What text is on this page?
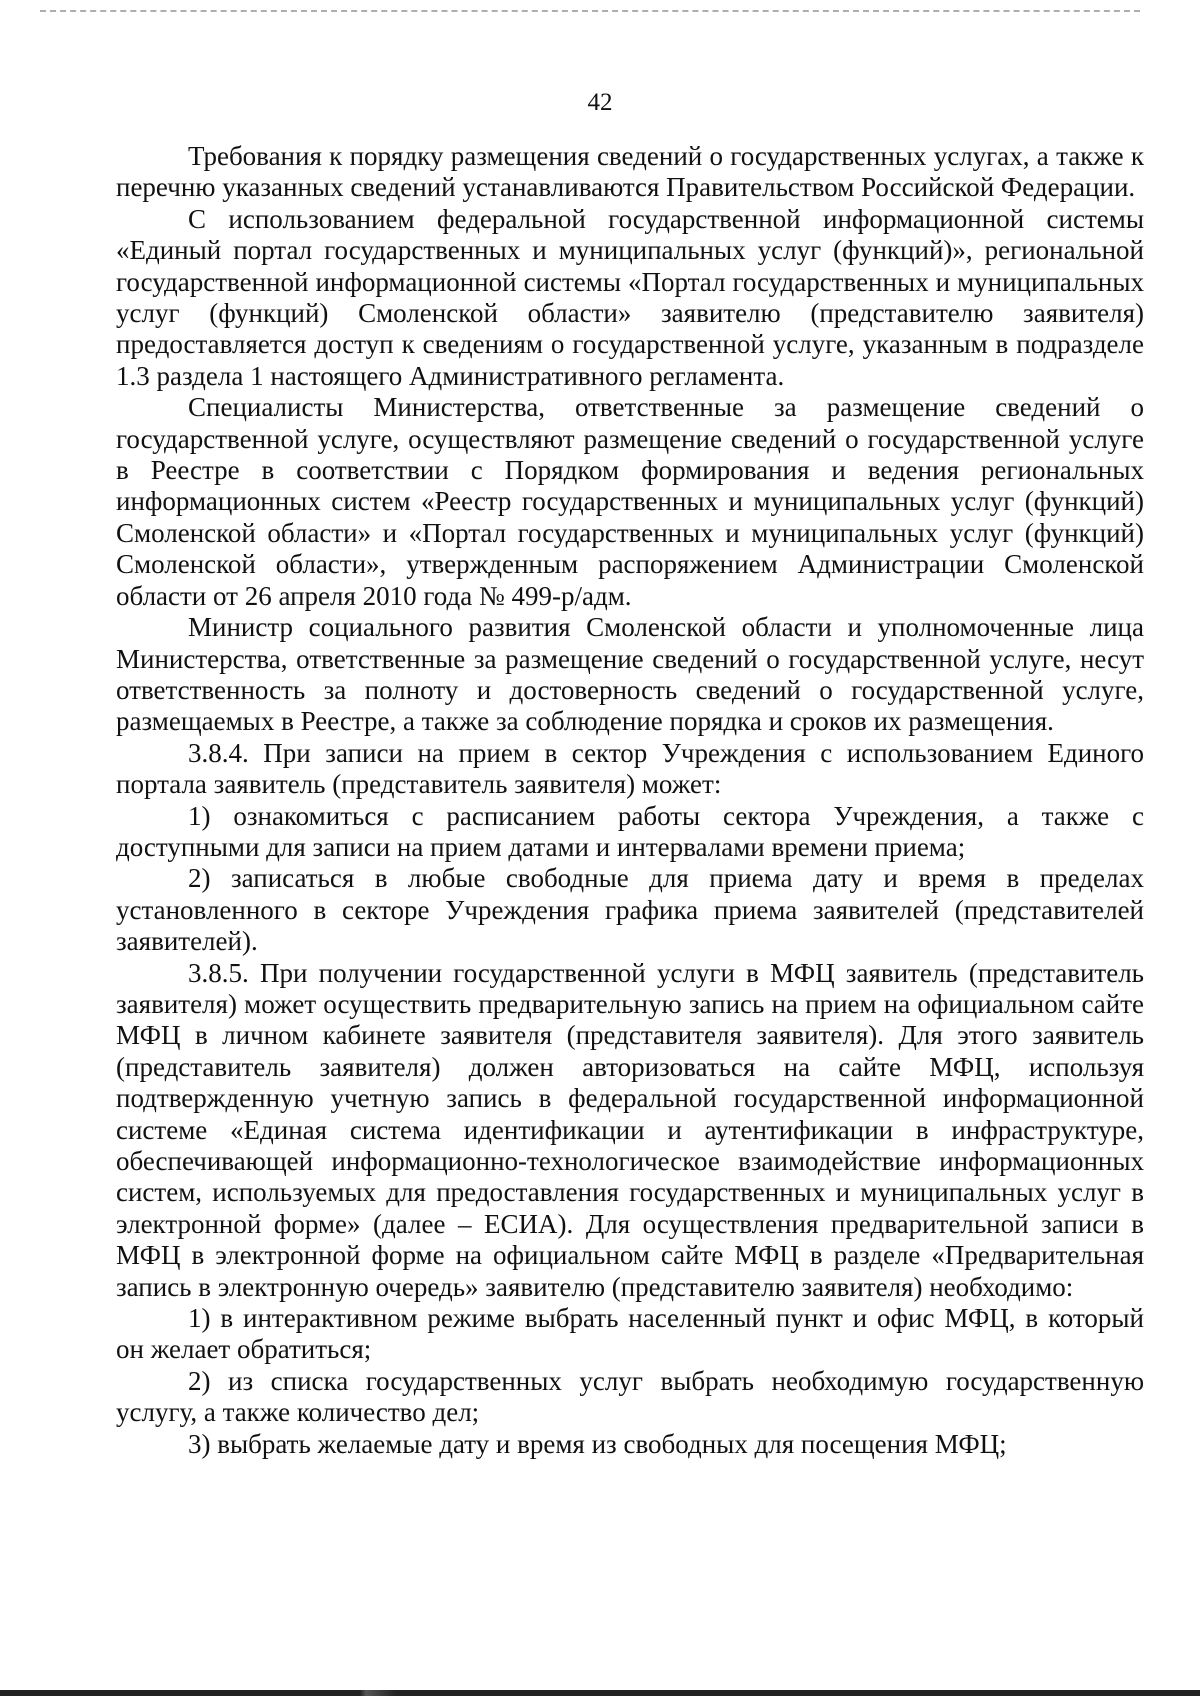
42

Требования к порядку размещения сведений о государственных услугах, а также к перечню указанных сведений устанавливаются Правительством Российской Федерации.

С использованием федеральной государственной информационной системы «Единый портал государственных и муниципальных услуг (функций)», региональной государственной информационной системы «Портал государственных и муниципальных услуг (функций) Смоленской области» заявителю (представителю заявителя) предоставляется доступ к сведениям о государственной услуге, указанным в подразделе 1.3 раздела 1 настоящего Административного регламента.

Специалисты Министерства, ответственные за размещение сведений о государственной услуге, осуществляют размещение сведений о государственной услуге в Реестре в соответствии с Порядком формирования и ведения региональных информационных систем «Реестр государственных и муниципальных услуг (функций) Смоленской области» и «Портал государственных и муниципальных услуг (функций) Смоленской области», утвержденным распоряжением Администрации Смоленской области от 26 апреля 2010 года № 499-р/адм.

Министр социального развития Смоленской области и уполномоченные лица Министерства, ответственные за размещение сведений о государственной услуге, несут ответственность за полноту и достоверность сведений о государственной услуге, размещаемых в Реестре, а также за соблюдение порядка и сроков их размещения.

3.8.4. При записи на прием в сектор Учреждения с использованием Единого портала заявитель (представитель заявителя) может:

1) ознакомиться с расписанием работы сектора Учреждения, а также с доступными для записи на прием датами и интервалами времени приема;

2) записаться в любые свободные для приема дату и время в пределах установленного в секторе Учреждения графика приема заявителей (представителей заявителей).

3.8.5. При получении государственной услуги в МФЦ заявитель (представитель заявителя) может осуществить предварительную запись на прием на официальном сайте МФЦ в личном кабинете заявителя (представителя заявителя). Для этого заявитель (представитель заявителя) должен авторизоваться на сайте МФЦ, используя подтвержденную учетную запись в федеральной государственной информационной системе «Единая система идентификации и аутентификации в инфраструктуре, обеспечивающей информационно-технологическое взаимодействие информационных систем, используемых для предоставления государственных и муниципальных услуг в электронной форме» (далее – ЕСИА). Для осуществления предварительной записи в МФЦ в электронной форме на официальном сайте МФЦ в разделе «Предварительная запись в электронную очередь» заявителю (представителю заявителя) необходимо:

1) в интерактивном режиме выбрать населенный пункт и офис МФЦ, в который он желает обратиться;

2) из списка государственных услуг выбрать необходимую государственную услугу, а также количество дел;

3) выбрать желаемые дату и время из свободных для посещения МФЦ;
